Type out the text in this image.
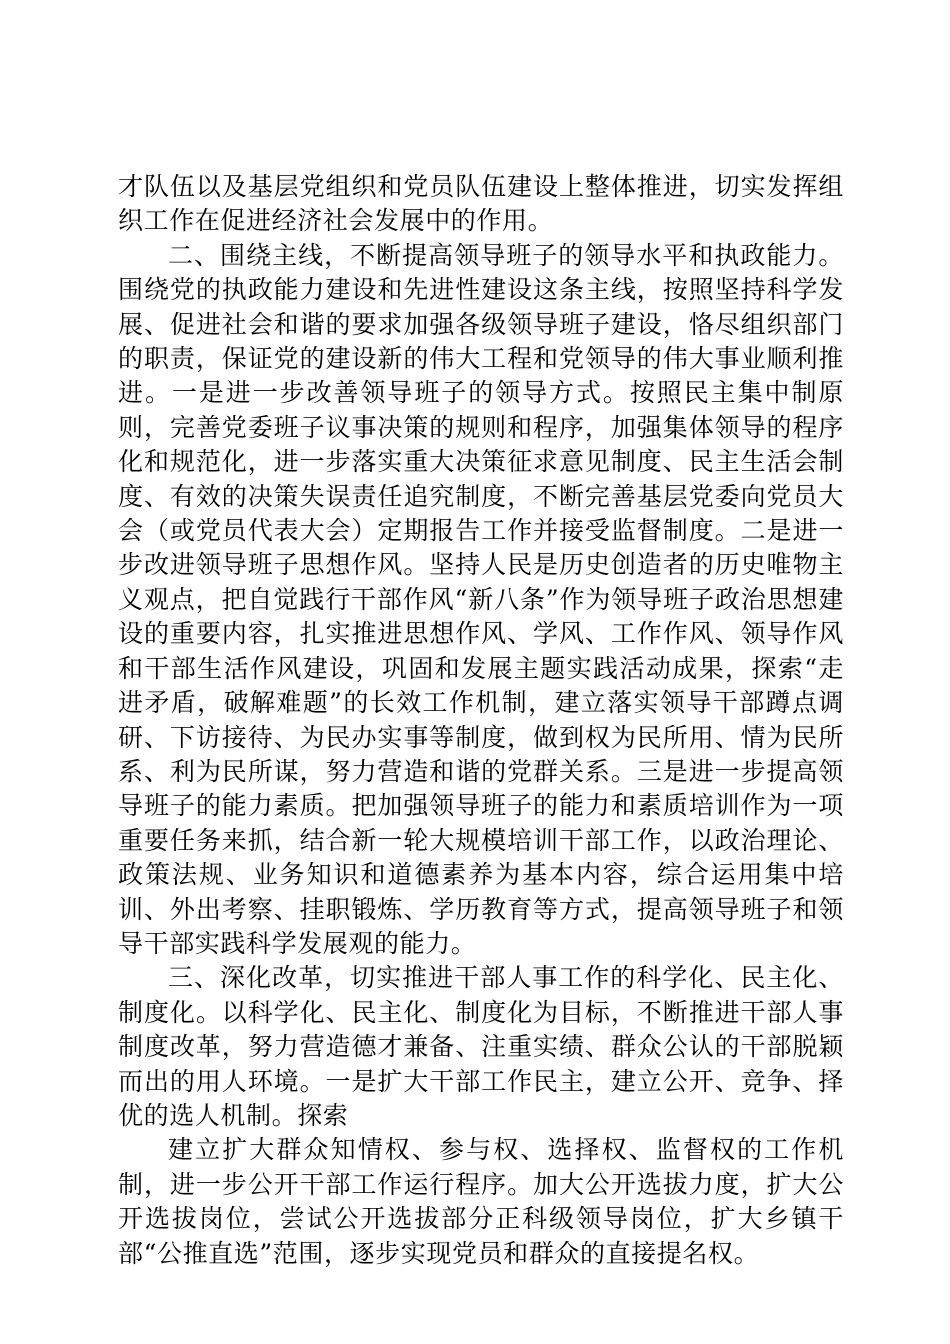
才队伍以及基层党组织和党员队伍建设上整体推进，切实发挥组织工作在促进经济社会发展中的作用。

二、围绕主线，不断提高领导班子的领导水平和执政能力。围绕党的执政能力建设和先进性建设这条主线，按照坚持科学发展、促进社会和谐的要求加强各级领导班子建设，恪尽组织部门的职责，保证党的建设新的伟大工程和党领导的伟大事业顺利推进。一是进一步改善领导班子的领导方式。按照民主集中制原则，完善党委班子议事决策的规则和程序，加强集体领导的程序化和规范化，进一步落实重大决策征求意见制度、民主生活会制度、有效的决策失误责任追究制度，不断完善基层党委向党员大会（或党员代表大会）定期报告工作并接受监督制度。二是进一步改进领导班子思想作风。坚持人民是历史创造者的历史唯物主义观点，把自觉践行干部作风“新八条”作为领导班子政治思想建设的重要内容，扎实推进思想作风、学风、工作作风、领导作风和干部生活作风建设，巩固和发展主题实践活动成果，探索“走进矛盾，破解难题”的长效工作机制，建立落实领导干部蹲点调研、下访接待、为民办实事等制度，做到权为民所用、情为民所系、利为民所谋，努力营造和谐的党群关系。三是进一步提高领导班子的能力素质。把加强领导班子的能力和素质培训作为一项重要任务来抓，结合新一轮大规模培训干部工作，以政治理论、政策法规、业务知识和道德素养为基本内容，综合运用集中培训、外出考察、挂职锻炼、学历教育等方式，提高领导班子和领导干部实践科学发展观的能力。

三、深化改革，切实推进干部人事工作的科学化、民主化、制度化。以科学化、民主化、制度化为目标，不断推进干部人事制度改革，努力营造德才兼备、注重实绩、群众公认的干部脱颖而出的用人环境。一是扩大干部工作民主，建立公开、竞争、择优的选人机制。探索

建立扩大群众知情权、参与权、选择权、监督权的工作机制，进一步公开干部工作运行程序。加大公开选拔力度，扩大公开选拔岗位，尝试公开选拔部分正科级领导岗位，扩大乡镇干部“公推直选”范围，逐步实现党员和群众的直接提名权。
